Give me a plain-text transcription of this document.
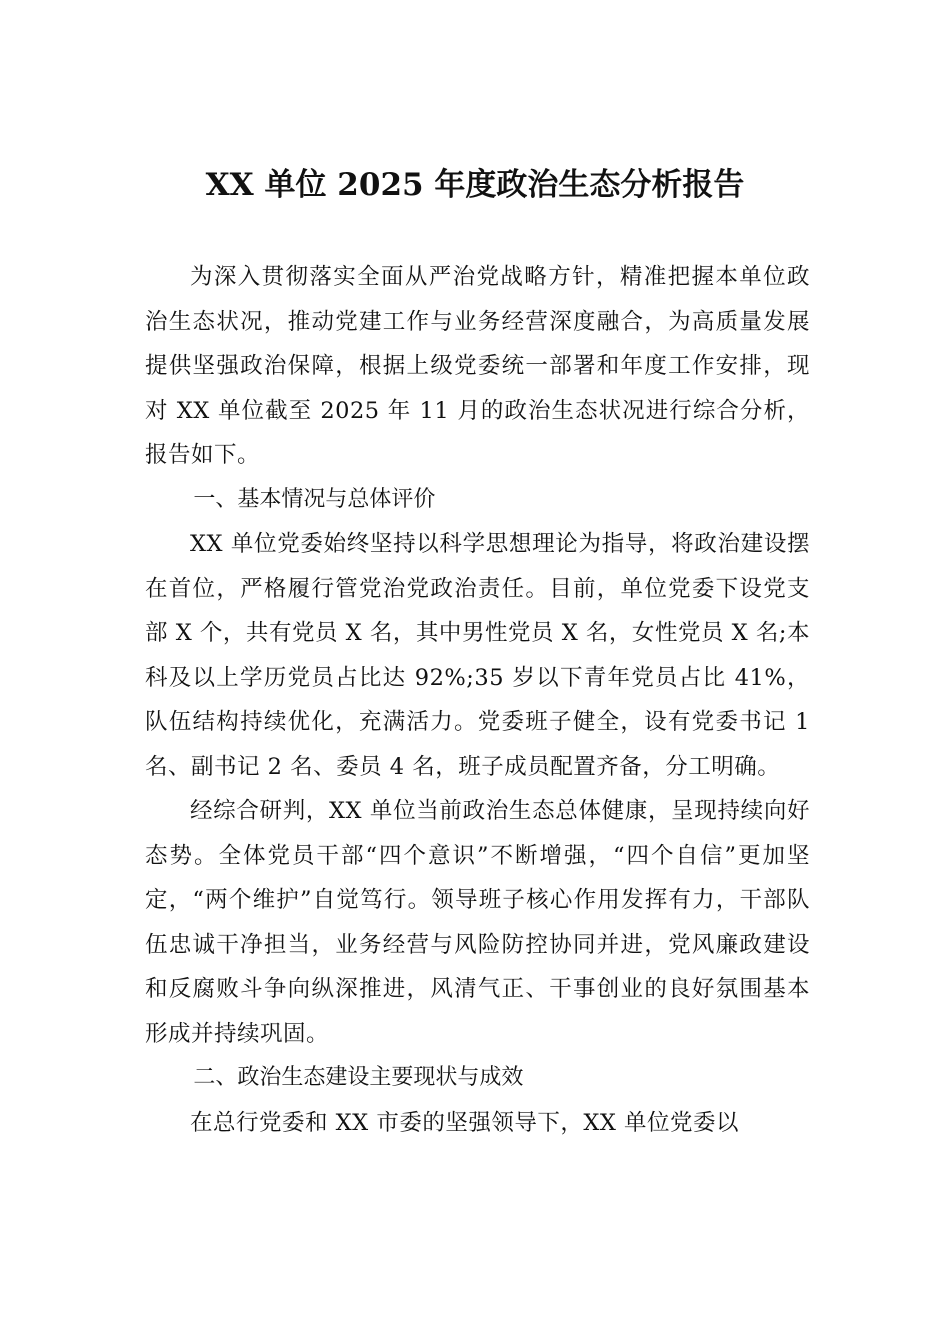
XX 单位 2025 年度政治生态分析报告

为深入贯彻落实全面从严治党战略方针，精准把握本单位政治生态状况，推动党建工作与业务经营深度融合，为高质量发展提供坚强政治保障，根据上级党委统一部署和年度工作安排，现对 XX 单位截至 2025 年 11 月的政治生态状况进行综合分析，报告如下。

一、基本情况与总体评价

XX 单位党委始终坚持以科学思想理论为指导，将政治建设摆在首位，严格履行管党治党政治责任。目前，单位党委下设党支部 X 个，共有党员 X 名，其中男性党员 X 名，女性党员 X 名;本科及以上学历党员占比达 92%;35 岁以下青年党员占比 41%，队伍结构持续优化，充满活力。党委班子健全，设有党委书记 1 名、副书记 2 名、委员 4 名，班子成员配置齐备，分工明确。

经综合研判，XX 单位当前政治生态总体健康，呈现持续向好态势。全体党员干部“四个意识”不断增强，“四个自信”更加坚定，“两个维护”自觉笃行。领导班子核心作用发挥有力，干部队伍忠诚干净担当，业务经营与风险防控协同并进，党风廉政建设和反腐败斗争向纵深推进，风清气正、干事创业的良好氛围基本形成并持续巩固。

二、政治生态建设主要现状与成效

在总行党委和 XX 市委的坚强领导下，XX 单位党委以
